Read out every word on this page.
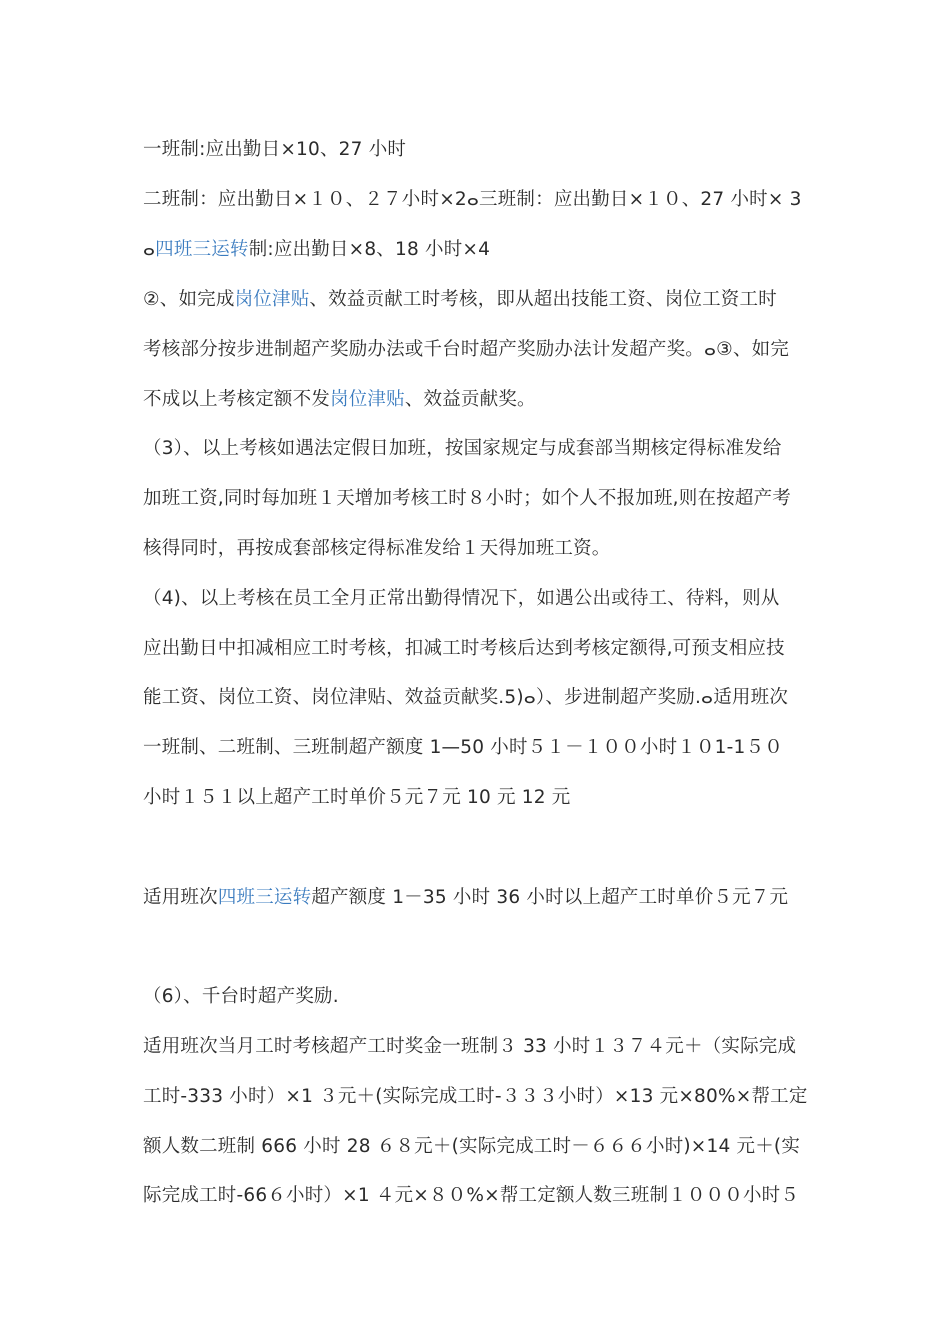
一班制:应出勤日×10、27 小时
二班制：应出勤日×１０、２７小时×2ⴰ三班制：应出勤日×１０、27 小时× 3
ⴰ四班三运转制:应出勤日×8、18 小时×4
②、如完成岗位津贴、效益贡献工时考核，即从超出技能工资、岗位工资工时
考核部分按步进制超产奖励办法或千台时超产奖励办法计发超产奖。ⴰ③、如完
不成以上考核定额不发岗位津贴、效益贡献奖。
（3）、以上考核如遇法定假日加班，按国家规定与成套部当期核定得标准发给
加班工资,同时每加班１天增加考核工时８小时；如个人不报加班,则在按超产考
核得同时，再按成套部核定得标准发给１天得加班工资。
（4)、以上考核在员工全月正常出勤得情况下，如遇公出或待工、待料，则从
应出勤日中扣减相应工时考核，扣减工时考核后达到考核定额得,可预支相应技
能工资、岗位工资、岗位津贴、效益贡献奖.5)ⴰ）、步进制超产奖励.ⴰ适用班次
一班制、二班制、三班制超产额度 1—50 小时５１－１００小时１０1-1５０
小时１５１以上超产工时单价５元７元 10 元 12 元
适用班次四班三运转超产额度 1－35 小时 36 小时以上超产工时单价５元７元
（6）、千台时超产奖励.
适用班次当月工时考核超产工时奖金一班制３ 33 小时１３７４元＋（实际完成
工时-333 小时）×1 ３元＋(实际完成工时-３３３小时）×13 元×80%×帮工定
额人数二班制 666 小时 28 ６８元＋(实际完成工时－６６６小时)×14 元＋(实
际完成工时-66６小时）×1 ４元×８０%×帮工定额人数三班制１０００小时５
